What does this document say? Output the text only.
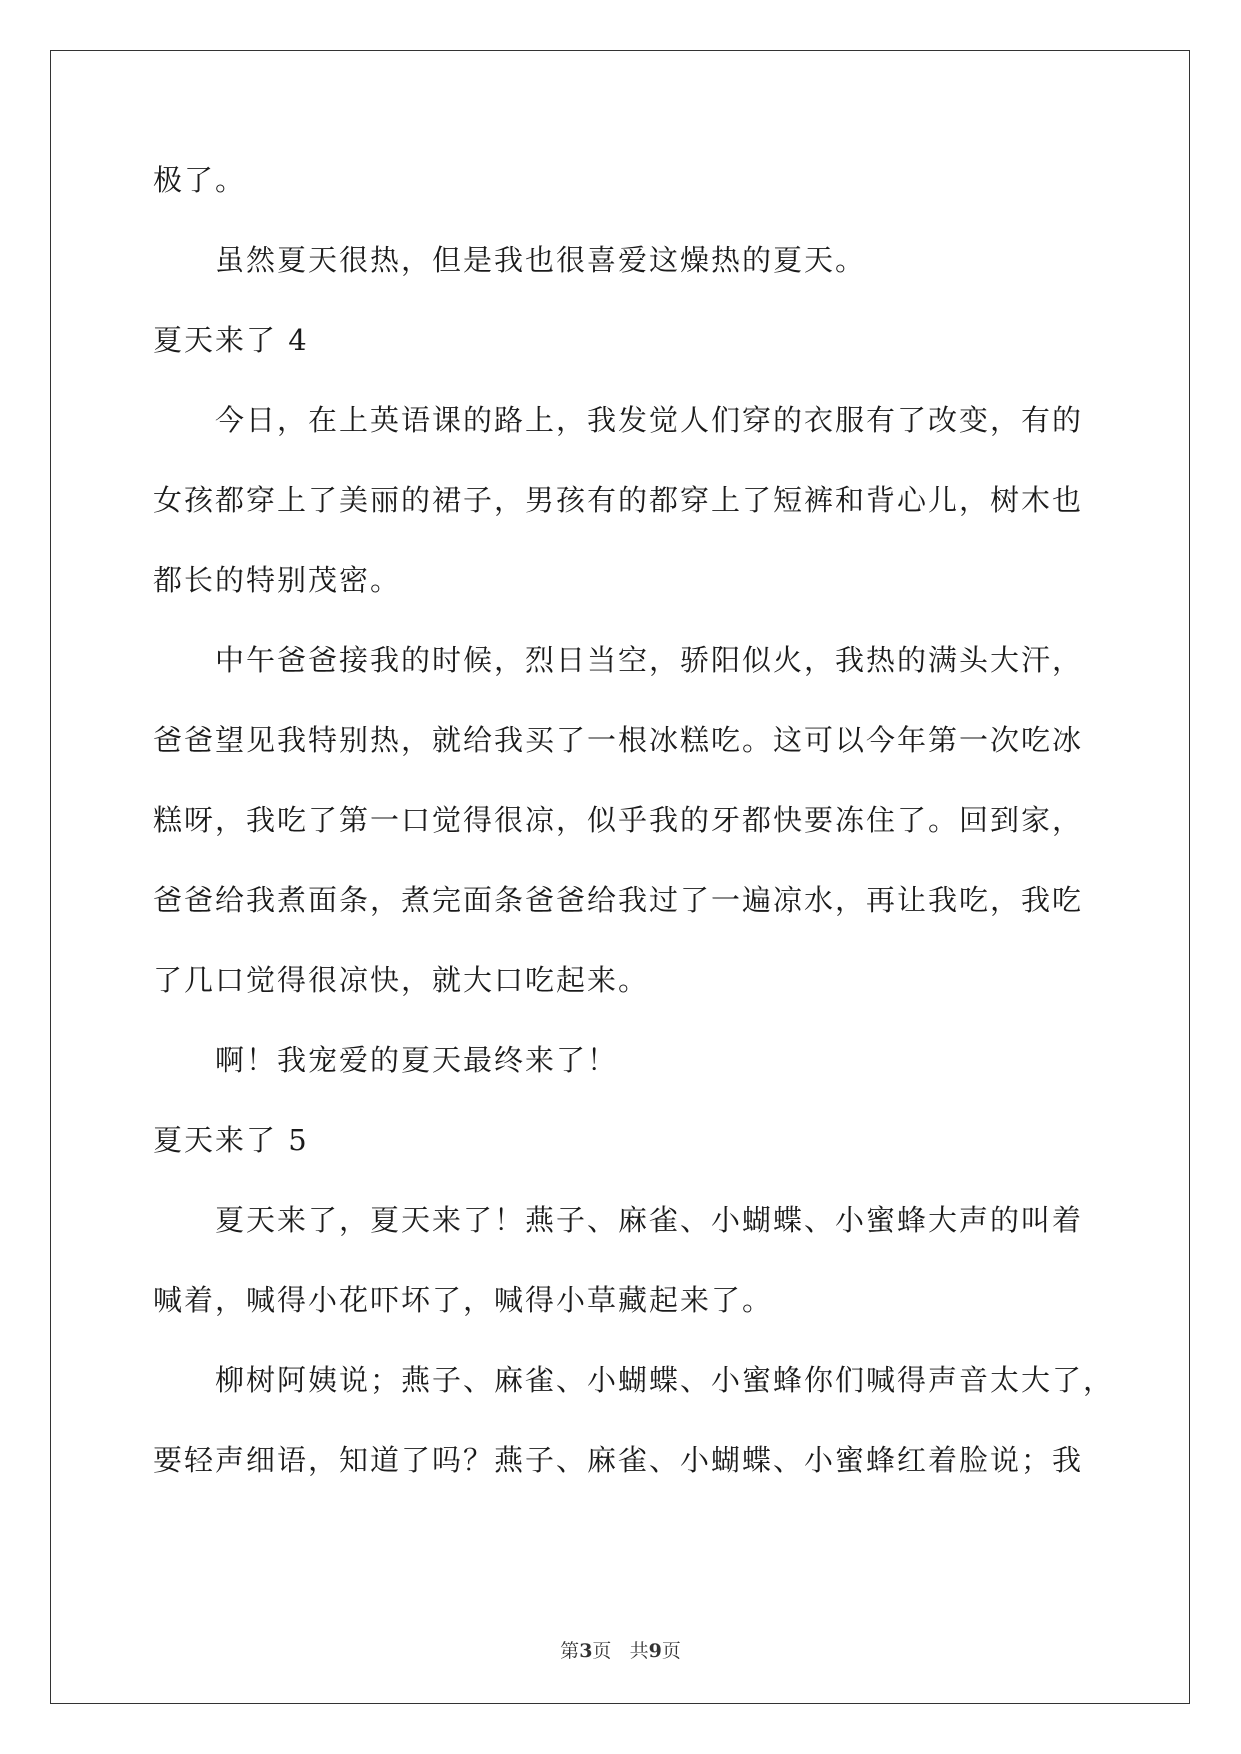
极了。

虽然夏天很热，但是我也很喜爱这燥热的夏天。

夏天来了 4

今日，在上英语课的路上，我发觉人们穿的衣服有了改变，有的

女孩都穿上了美丽的裙子，男孩有的都穿上了短裤和背心儿，树木也

都长的特别茂密。

中午爸爸接我的时候，烈日当空，骄阳似火，我热的满头大汗，

爸爸望见我特别热，就给我买了一根冰糕吃。这可以今年第一次吃冰

糕呀，我吃了第一口觉得很凉，似乎我的牙都快要冻住了。回到家，

爸爸给我煮面条，煮完面条爸爸给我过了一遍凉水，再让我吃，我吃

了几口觉得很凉快，就大口吃起来。

啊！我宠爱的夏天最终来了！

夏天来了 5

夏天来了，夏天来了！燕子、麻雀、小蝴蝶、小蜜蜂大声的叫着

喊着，喊得小花吓坏了，喊得小草藏起来了。

柳树阿姨说；燕子、麻雀、小蝴蝶、小蜜蜂你们喊得声音太大了，

要轻声细语，知道了吗？燕子、麻雀、小蝴蝶、小蜜蜂红着脸说；我

第3页 共9页
